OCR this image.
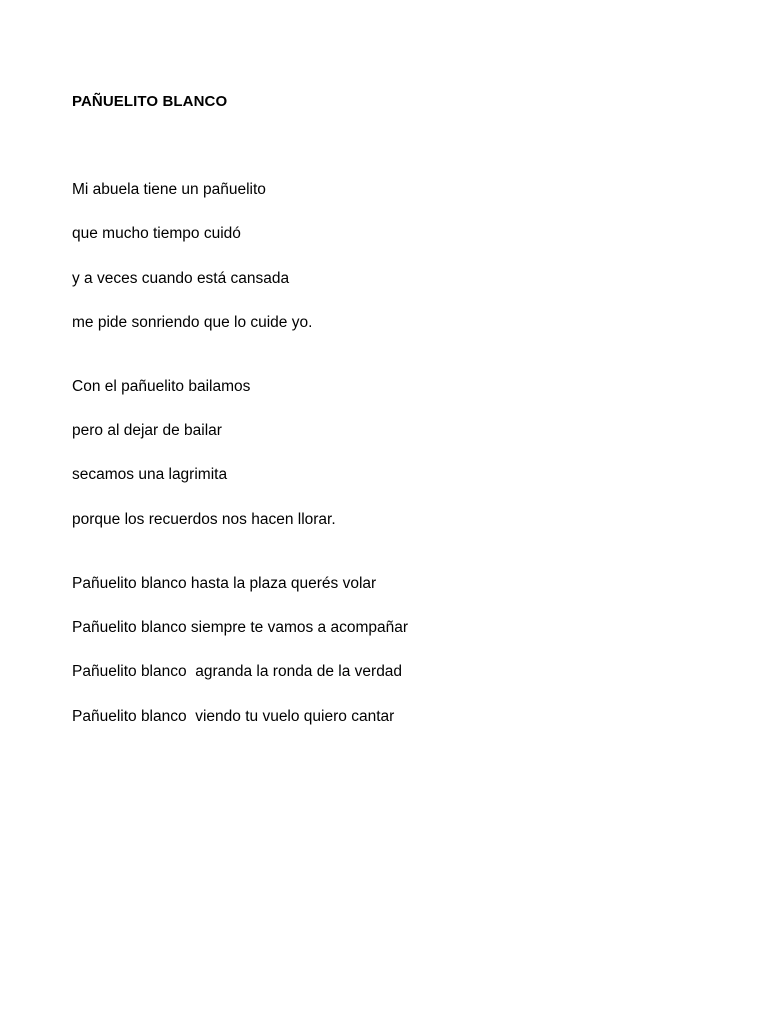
PAÑUELITO BLANCO

Mi abuela tiene un pañuelito

que mucho tiempo cuidó

y a veces cuando está cansada

me pide sonriendo que lo cuide yo.

Con el pañuelito bailamos

pero al dejar de bailar

secamos una lagrimita

porque los recuerdos nos hacen llorar.

Pañuelito blanco hasta la plaza querés volar

Pañuelito blanco siempre te vamos a acompañar

Pañuelito blanco  agranda la ronda de la verdad

Pañuelito blanco  viendo tu vuelo quiero cantar
